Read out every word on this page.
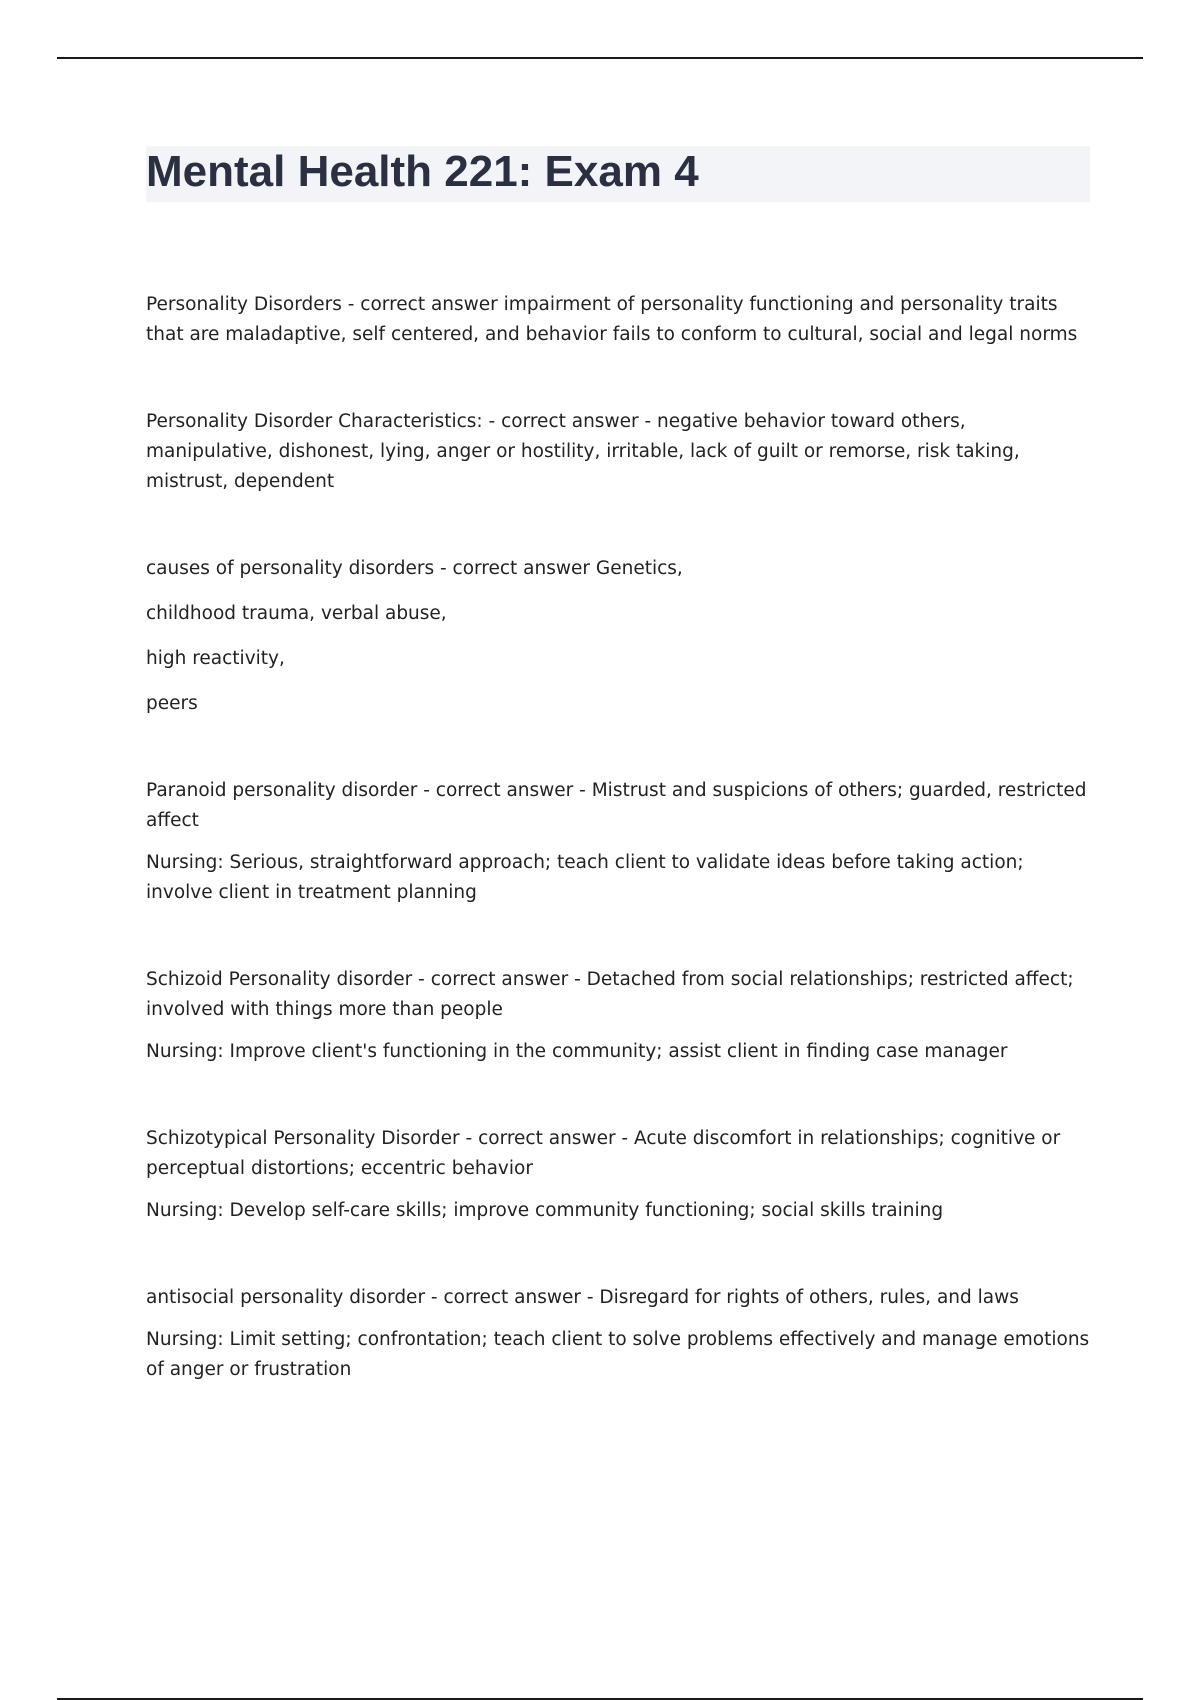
Mental Health 221: Exam 4

Personality Disorders - correct answer impairment of personality functioning and personality traits that are maladaptive, self centered, and behavior fails to conform to cultural, social and legal norms

Personality Disorder Characteristics: - correct answer - negative behavior toward others, manipulative, dishonest, lying, anger or hostility, irritable, lack of guilt or remorse, risk taking, mistrust, dependent

causes of personality disorders - correct answer Genetics,

childhood trauma, verbal abuse,

high reactivity,

peers

Paranoid personality disorder - correct answer - Mistrust and suspicions of others; guarded, restricted affect

Nursing: Serious, straightforward approach; teach client to validate ideas before taking action; involve client in treatment planning

Schizoid Personality disorder - correct answer - Detached from social relationships; restricted affect; involved with things more than people

Nursing: Improve client's functioning in the community; assist client in finding case manager

Schizotypical Personality Disorder - correct answer - Acute discomfort in relationships; cognitive or perceptual distortions; eccentric behavior

Nursing: Develop self-care skills; improve community functioning; social skills training

antisocial personality disorder - correct answer - Disregard for rights of others, rules, and laws

Nursing: Limit setting; confrontation; teach client to solve problems effectively and manage emotions of anger or frustration
